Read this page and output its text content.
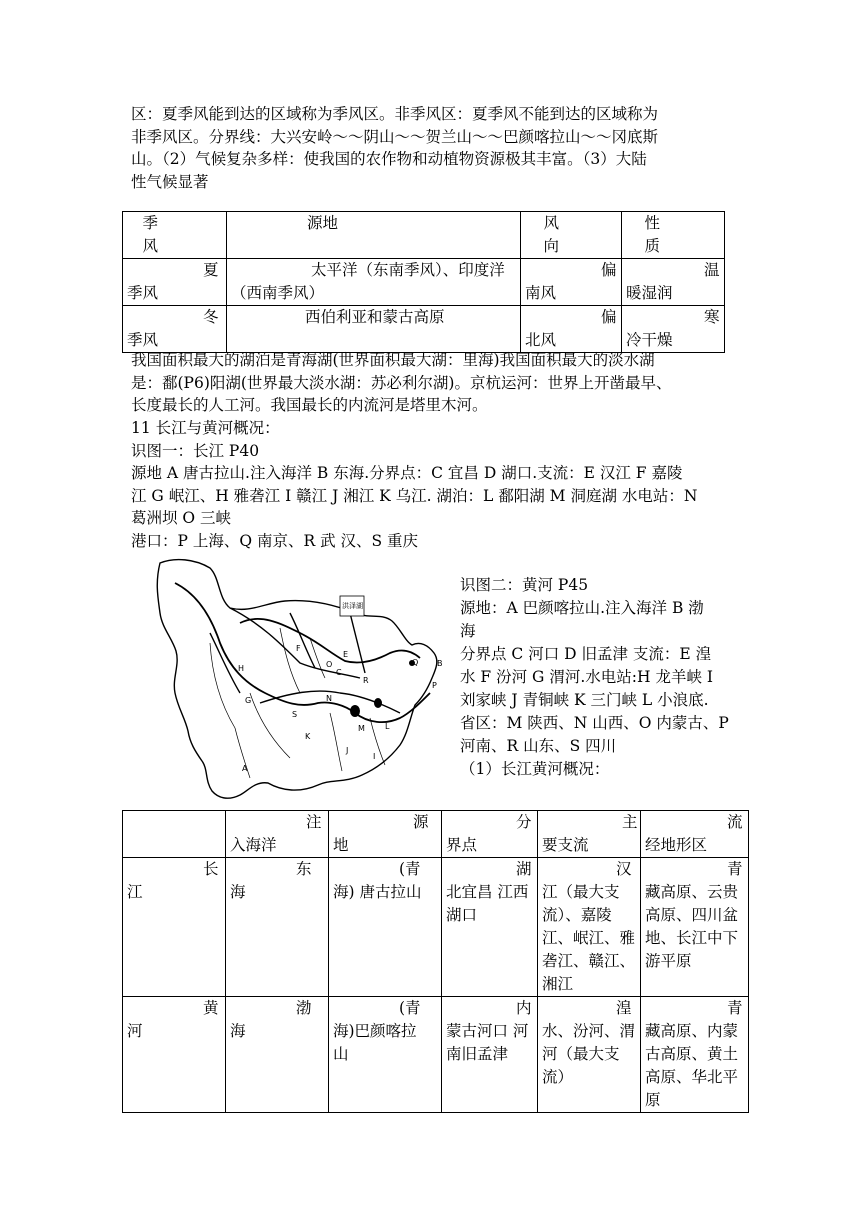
区：夏季风能到达的区域称为季风区。非季风区：夏季风不能到达的区域称为
非季风区。分界线：大兴安岭～～阴山～～贺兰山～～巴颜喀拉山～～冈底斯
山。（2）气候复杂多样：使我国的农作物和动植物资源极其丰富。（3）大陆
性气候显著
季风	源地	风向	性质

夏季风	太平洋（东南季风）、印度洋（西南季风）	偏南风	温暖湿润

冬季风	西伯利亚和蒙古高原	偏北风	寒冷干燥
我国面积最大的湖泊是青海湖(世界面积最大湖：里海)我国面积最大的淡水湖
是：鄱(P6)阳湖(世界最大淡水湖：苏必利尔湖)。京杭运河：世界上开凿最早、
长度最长的人工河。我国最长的内流河是塔里木河。
11 长江与黄河概况：
识图一：长江 P40
源地 A 唐古拉山.注入海洋 B 东海.分界点：C 宜昌 D 湖口.支流：E 汉江 F 嘉陵
江 G 岷江、H 雅砻江 I 赣江 J 湘江 K 乌江. 湖泊：L 鄱阳湖 M 洞庭湖 水电站：N
葛洲坝 O 三峡
港口：P 上海、Q 南京、R 武 汉、S 重庆
洪泽湖
Q B
P
O
C
E
R
H
F
N
M	L
S
K
J
I
G
A
识图二：黄河 P45
源地：A 巴颜喀拉山.注入海洋 B 渤
海
分界点 C 河口 D 旧孟津 支流：E 湟
水 F 汾河 G 渭河.水电站:H 龙羊峡 I
刘家峡 J 青铜峡 K 三门峡 L 小浪底.
省区：M 陕西、N 山西、O 内蒙古、P
河南、R 山东、S 四川
（1）长江黄河概况：

	注入海洋	源地	分界点	主要支流	流经地形区

长江	东海	(青海) 唐古拉山	湖北宜昌 江西湖口	汉江（最大支流）、嘉陵江、岷江、雅砻江、赣江、湘江	青藏高原、云贵高原、四川盆地、长江中下游平原

黄河	渤海	(青海)巴颜喀拉山	内蒙古河口 河南旧孟津	湟水、汾河、渭河（最大支流）	青藏高原、内蒙古高原、黄土高原、华北平原
